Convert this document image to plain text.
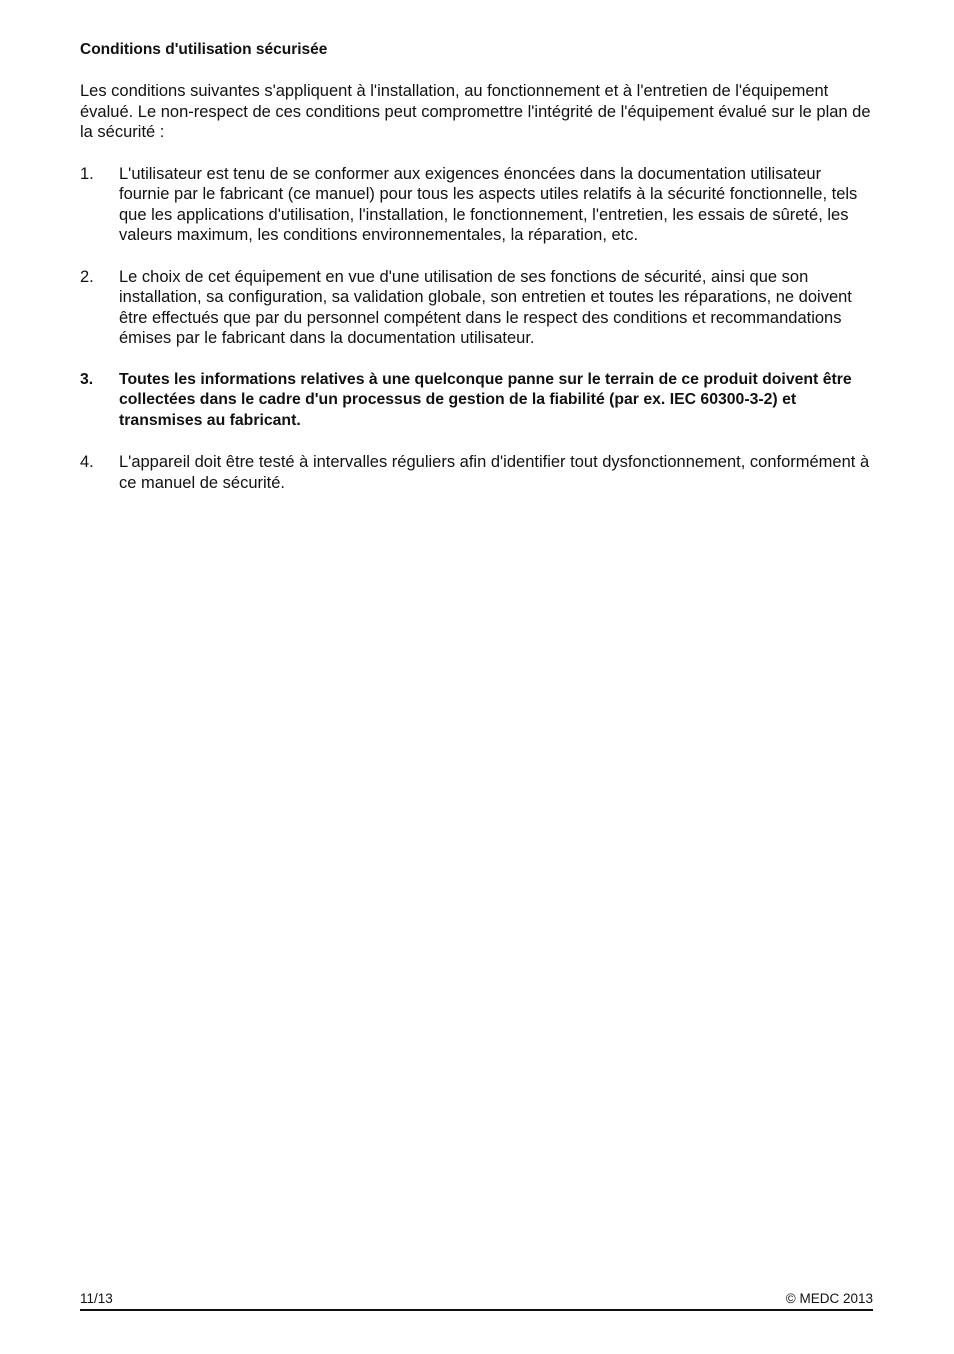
Conditions d'utilisation sécurisée
Les conditions suivantes s'appliquent à l'installation, au fonctionnement et à l'entretien de l'équipement évalué. Le non-respect de ces conditions peut compromettre l'intégrité de l'équipement évalué sur le plan de la sécurité :
1.	L'utilisateur est tenu de se conformer aux exigences énoncées dans la documentation utilisateur fournie par le fabricant (ce manuel) pour tous les aspects utiles relatifs à la sécurité fonctionnelle, tels que les applications d'utilisation, l'installation, le fonctionnement, l'entretien, les essais de sûreté, les valeurs maximum, les conditions environnementales, la réparation, etc.
2.	Le choix de cet équipement en vue d'une utilisation de ses fonctions de sécurité, ainsi que son installation, sa configuration, sa validation globale, son entretien et toutes les réparations, ne doivent être effectués que par du personnel compétent dans le respect des conditions et recommandations émises par le fabricant dans la documentation utilisateur.
3.	Toutes les informations relatives à une quelconque panne sur le terrain de ce produit doivent être collectées dans le cadre d'un processus de gestion de la fiabilité (par ex. IEC 60300-3-2) et transmises au fabricant.
4.	L'appareil doit être testé à intervalles réguliers afin d'identifier tout dysfonctionnement, conformément à ce manuel de sécurité.
11/13	© MEDC 2013
